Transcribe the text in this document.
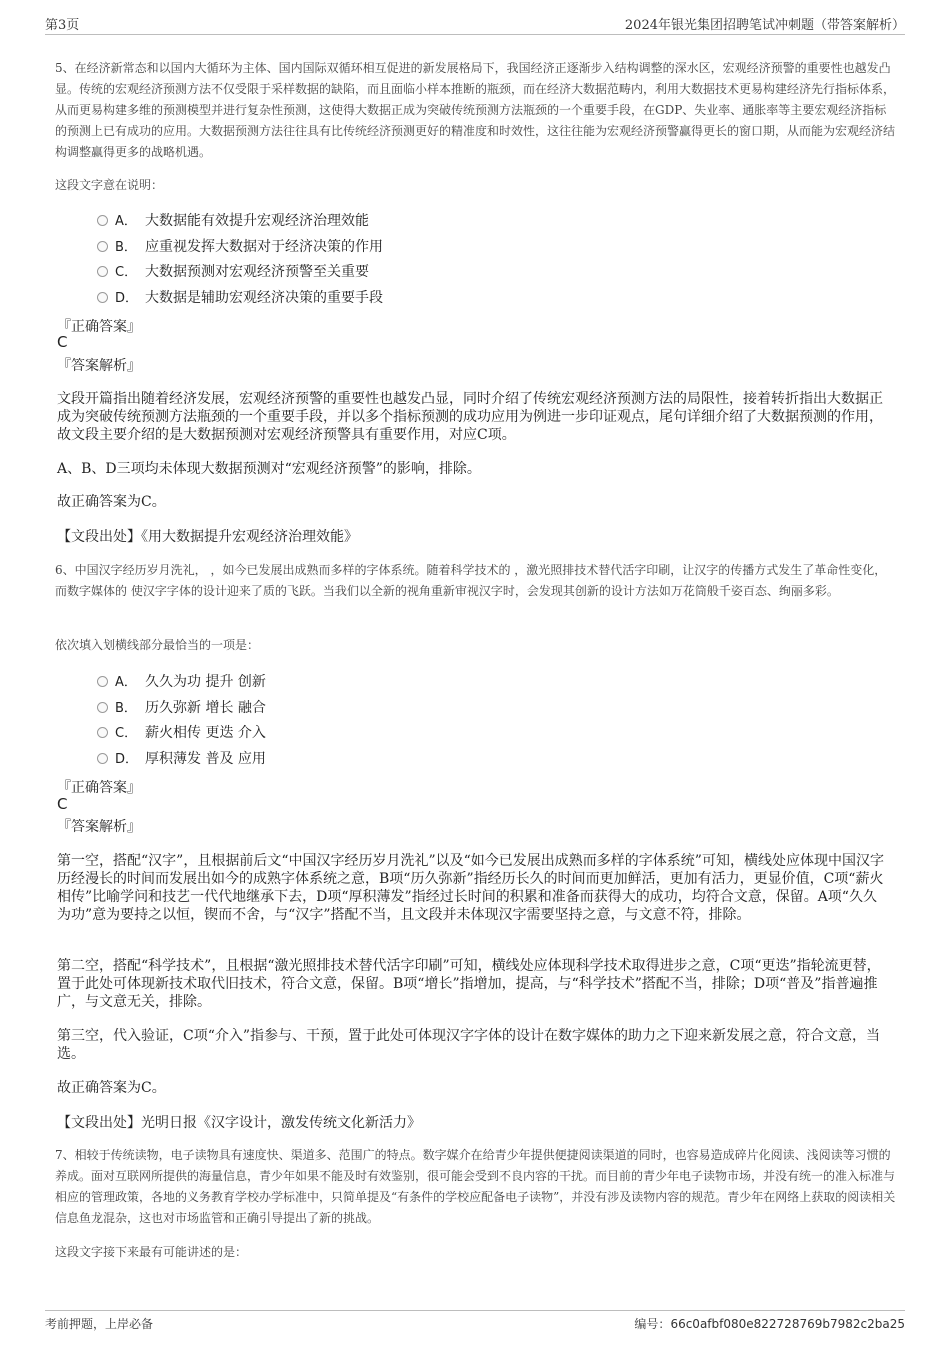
第3页	2024年银光集团招聘笔试冲刺题（带答案解析）
5、在经济新常态和以国内大循环为主体、国内国际双循环相互促进的新发展格局下，我国经济正逐渐步入结构调整的深水区，宏观经济预警的重要性也越发凸显。传统的宏观经济预测方法不仅受限于采样数据的缺陷，而且面临小样本推断的瓶颈，而在经济大数据范畴内，利用大数据技术更易构建经济先行指标体系，从而更易构建多维的预测模型并进行复杂性预测，这使得大数据正成为突破传统预测方法瓶颈的一个重要手段，在GDP、失业率、通胀率等主要宏观经济指标的预测上已有成功的应用。大数据预测方法往往具有比传统经济预测更好的精准度和时效性，这往往能为宏观经济预警赢得更长的窗口期，从而能为宏观经济结构调整赢得更多的战略机遇。
这段文字意在说明：
A． 大数据能有效提升宏观经济治理效能
B． 应重视发挥大数据对于经济决策的作用
C． 大数据预测对宏观经济预警至关重要
D． 大数据是辅助宏观经济决策的重要手段
『正确答案』
C
『答案解析』
文段开篇指出随着经济发展，宏观经济预警的重要性也越发凸显，同时介绍了传统宏观经济预测方法的局限性，接着转折指出大数据正成为突破传统预测方法瓶颈的一个重要手段，并以多个指标预测的成功应用为例进一步印证观点，尾句详细介绍了大数据预测的作用，故文段主要介绍的是大数据预测对宏观经济预警具有重要作用，对应C项。
A、B、D三项均未体现大数据预测对“宏观经济预警”的影响，排除。
故正确答案为C。
【文段出处】《用大数据提升宏观经济治理效能》
6、中国汉字经历岁月洗礼， ，如今已发展出成熟而多样的字体系统。随着科学技术的 ，激光照排技术替代活字印刷，让汉字的传播方式发生了革命性变化，而数字媒体的 使汉字字体的设计迎来了质的飞跃。当我们以全新的视角重新审视汉字时，会发现其创新的设计方法如万花筒般千姿百态、绚丽多彩。
依次填入划横线部分最恰当的一项是：
A． 久久为功 提升 创新
B． 历久弥新 增长 融合
C． 薪火相传 更迭 介入
D． 厚积薄发 普及 应用
『正确答案』
C
『答案解析』
第一空，搭配“汉字”，且根据前后文“中国汉字经历岁月洗礼”以及“如今已发展出成熟而多样的字体系统”可知，横线处应体现中国汉字历经漫长的时间而发展出如今的成熟字体系统之意，B项“历久弥新”指经历长久的时间而更加鲜活，更加有活力，更显价值，C项“薪火相传”比喻学问和技艺一代代地继承下去，D项“厚积薄发”指经过长时间的积累和准备而获得大的成功，均符合文意，保留。A项“久久为功”意为要持之以恒，锲而不舍，与“汉字”搭配不当，且文段并未体现汉字需要坚持之意，与文意不符，排除。
第二空，搭配“科学技术”，且根据“激光照排技术替代活字印刷”可知，横线处应体现科学技术取得进步之意，C项“更迭”指轮流更替，置于此处可体现新技术取代旧技术，符合文意，保留。B项“增长”指增加，提高，与“科学技术”搭配不当，排除；D项“普及”指普遍推广，与文意无关，排除。
第三空，代入验证，C项“介入”指参与、干预，置于此处可体现汉字字体的设计在数字媒体的助力之下迎来新发展之意，符合文意，当选。
故正确答案为C。
【文段出处】光明日报《汉字设计，激发传统文化新活力》
7、相较于传统读物，电子读物具有速度快、渠道多、范围广的特点。数字媒介在给青少年提供便捷阅读渠道的同时，也容易造成碎片化阅读、浅阅读等习惯的养成。面对互联网所提供的海量信息，青少年如果不能及时有效鉴别，很可能会受到不良内容的干扰。而目前的青少年电子读物市场，并没有统一的准入标准与相应的管理政策，各地的义务教育学校办学标准中，只简单提及“有条件的学校应配备电子读物”，并没有涉及读物内容的规范。青少年在网络上获取的阅读相关信息鱼龙混杂，这也对市场监管和正确引导提出了新的挑战。
这段文字接下来最有可能讲述的是：
考前押题，上岸必备	编号：66c0afbf080e822728769b7982c2ba25
